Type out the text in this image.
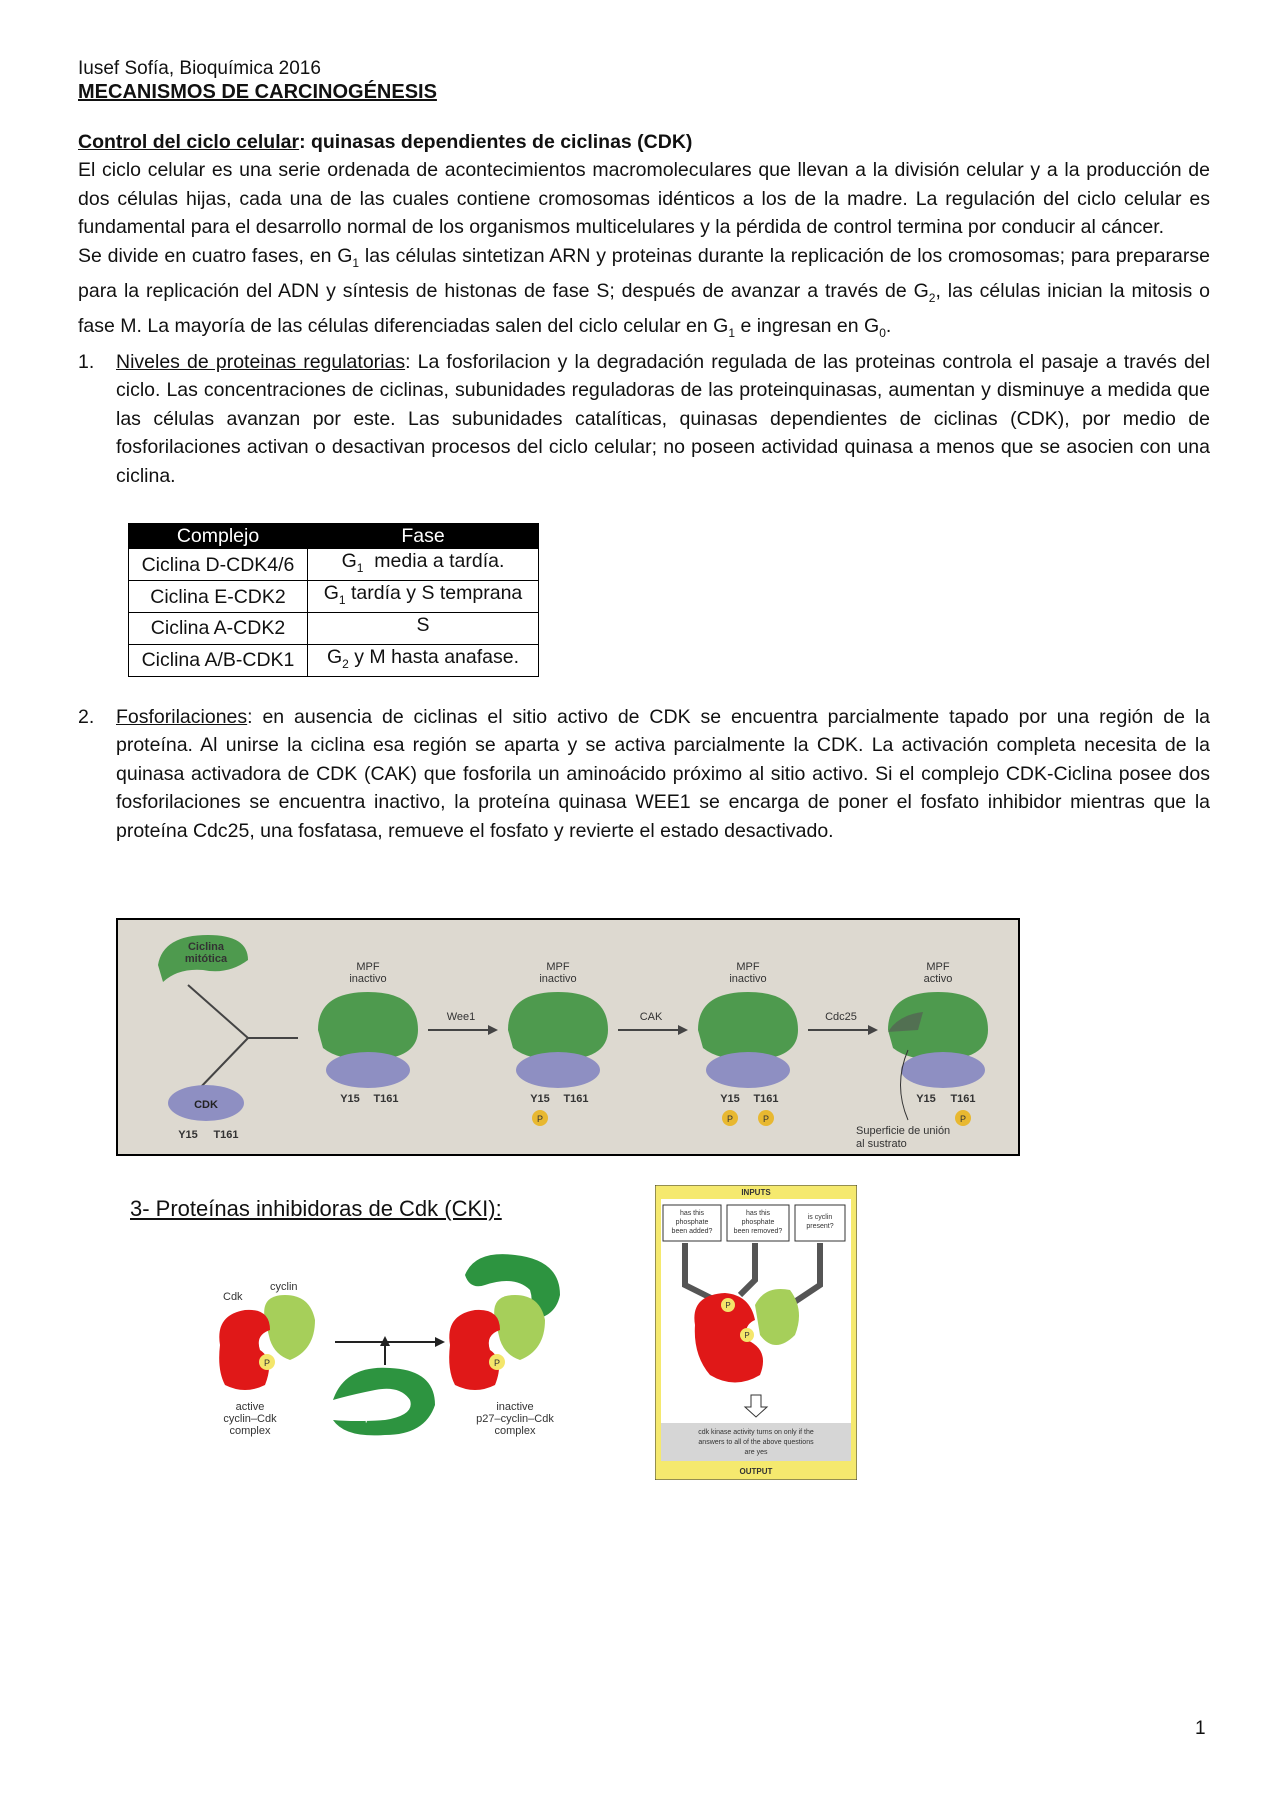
Iusef Sofía, Bioquímica 2016

MECANISMOS DE CARCINOGÉNESIS
Control del ciclo celular: quinasas dependientes de ciclinas (CDK)

El ciclo celular es una serie ordenada de acontecimientos macromoleculares que llevan a la división celular y a la producción de dos células hijas, cada una de las cuales contiene cromosomas idénticos a los de la madre. La regulación del ciclo celular es fundamental para el desarrollo normal de los organismos multicelulares y la pérdida de control termina por conducir al cáncer.

Se divide en cuatro fases, en $G_1$ las células sintetizan ARN y proteinas durante la replicación de los cromosomas; para prepararse para la replicación del ADN y síntesis de histonas de fase S; después de avanzar a través de $G_2$, las células inician la mitosis o fase M. La mayoría de las células diferenciadas salen del ciclo celular en $G_1$ e ingresan en $G_0$.

1. Niveles de proteinas regulatorias: La fosforilacion y la degradación regulada de las proteinas controla el pasaje a través del ciclo. Las concentraciones de ciclinas, subunidades reguladoras de las proteinquinasas, aumentan y disminuye a medida que las células avanzan por este. Las subunidades catalíticas, quinasas dependientes de ciclinas (CDK), por medio de fosforilaciones activan o desactivan procesos del ciclo celular; no poseen actividad quinasa a menos que se asocien con una ciclina.
Complejo	Fase
Ciclina D-CDK4/6	$G_1$  media a tardía.
Ciclina E-CDK2	$G_1$ tardía y S temprana
Ciclina A-CDK2	S
Ciclina A/B-CDK1	$G_2$ y M hasta anafase.
2. Fosforilaciones: en ausencia de ciclinas el sitio activo de CDK se encuentra parcialmente tapado por una región de la proteína. Al unirse la ciclina esa región se aparta y se activa parcialmente la CDK. La activación completa necesita de la quinasa activadora de CDK (CAK) que fosforila un aminoácido próximo al sitio activo. Si el complejo CDK-Ciclina posee dos fosforilaciones se encuentra inactivo, la proteína quinasa WEE1 se encarga de poner el fosfato inhibidor mientras que la proteína Cdc25, una fosfatasa, remueve el fosfato y revierte el estado desactivado.
Ciclina
mitótica
CDK
Y15 T161
MPF
inactivo
Y15 T161
Wee1
MPF
inactivo
Y15 T161
P
CAK
MPF
inactivo
Y15 T161
P	P
Cdc25
MPF
activo
Y15 T161
P
Superficie de unión
al sustrato
3- Proteínas inhibidoras de Cdk (CKI):
Cdk
cyclin
P
active
cyclin–Cdk
complex
p27
P
inactive
p27–cyclin–Cdk
complex
INPUTS
has this
phosphate
been added?
has this
phosphate
been removed?
is cyclin
present?
P
P
cdk kinase activity turns on only if the
answers to all of the above questions
are yes
OUTPUT
1
